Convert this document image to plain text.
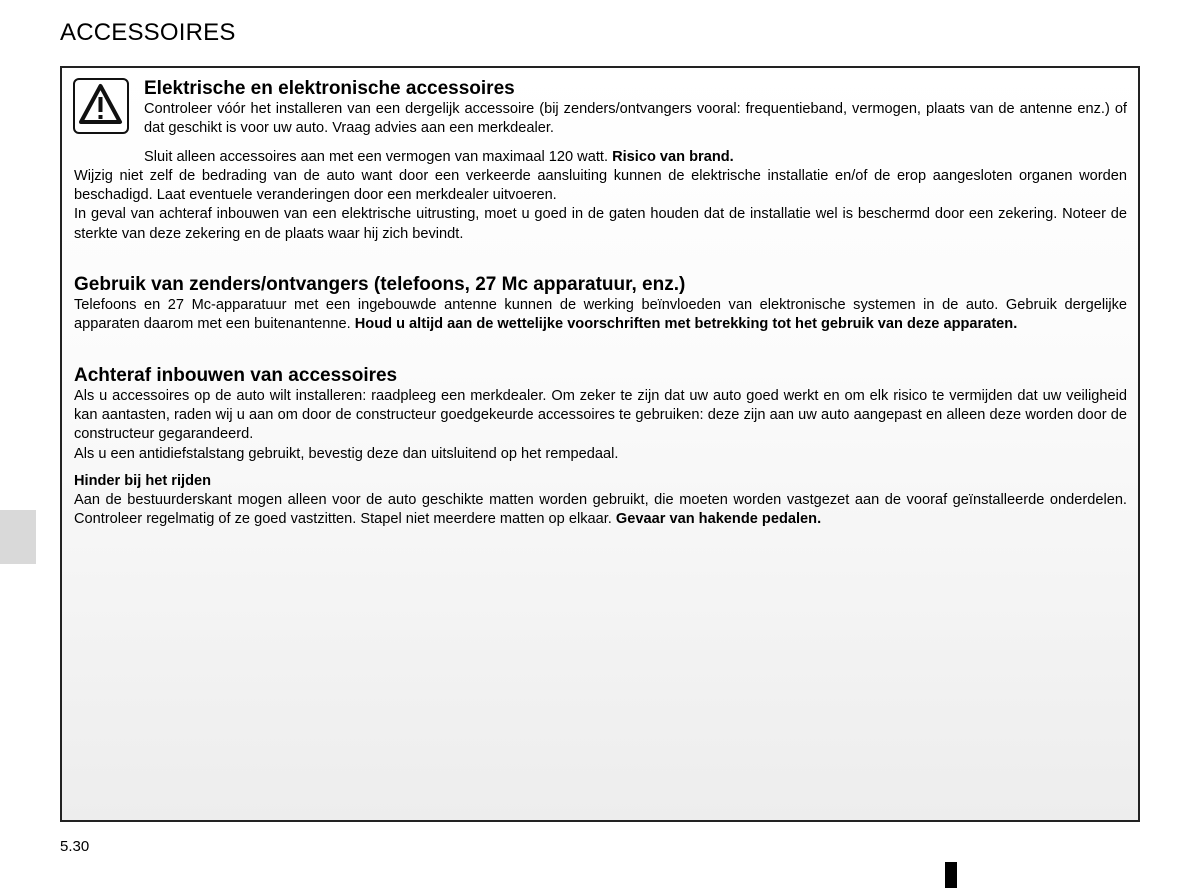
ACCESSOIRES
Elektrische en elektronische accessoires

Controleer vóór het installeren van een dergelijk accessoire (bij zenders/ontvangers vooral: frequentieband, vermogen, plaats van de antenne enz.) of dat geschikt is voor uw auto. Vraag advies aan een merkdealer.

Sluit alleen accessoires aan met een vermogen van maximaal 120 watt. Risico van brand.

Wijzig niet zelf de bedrading van de auto want door een verkeerde aansluiting kunnen de elektrische installatie en/of de erop aangesloten organen worden beschadigd. Laat eventuele veranderingen door een merkdealer uitvoeren.

In geval van achteraf inbouwen van een elektrische uitrusting, moet u goed in de gaten houden dat de installatie wel is beschermd door een zekering. Noteer de sterkte van deze zekering en de plaats waar hij zich bevindt.

Gebruik van zenders/ontvangers (telefoons, 27 Mc apparatuur, enz.)

Telefoons en 27 Mc-apparatuur met een ingebouwde antenne kunnen de werking beïnvloeden van elektronische systemen in de auto. Gebruik dergelijke apparaten daarom met een buitenantenne. Houd u altijd aan de wettelijke voorschriften met betrekking tot het gebruik van deze apparaten.

Achteraf inbouwen van accessoires

Als u accessoires op de auto wilt installeren: raadpleeg een merkdealer. Om zeker te zijn dat uw auto goed werkt en om elk risico te vermijden dat uw veiligheid kan aantasten, raden wij u aan om door de constructeur goedgekeurde accessoires te gebruiken: deze zijn aan uw auto aangepast en alleen deze worden door de constructeur gegarandeerd.

Als u een antidiefstalstang gebruikt, bevestig deze dan uitsluitend op het rempedaal.

Hinder bij het rijden

Aan de bestuurderskant mogen alleen voor de auto geschikte matten worden gebruikt, die moeten worden vastgezet aan de vooraf geïnstalleerde onderdelen. Controleer regelmatig of ze goed vastzitten. Stapel niet meerdere matten op elkaar. Gevaar van hakende pedalen.

5.30
